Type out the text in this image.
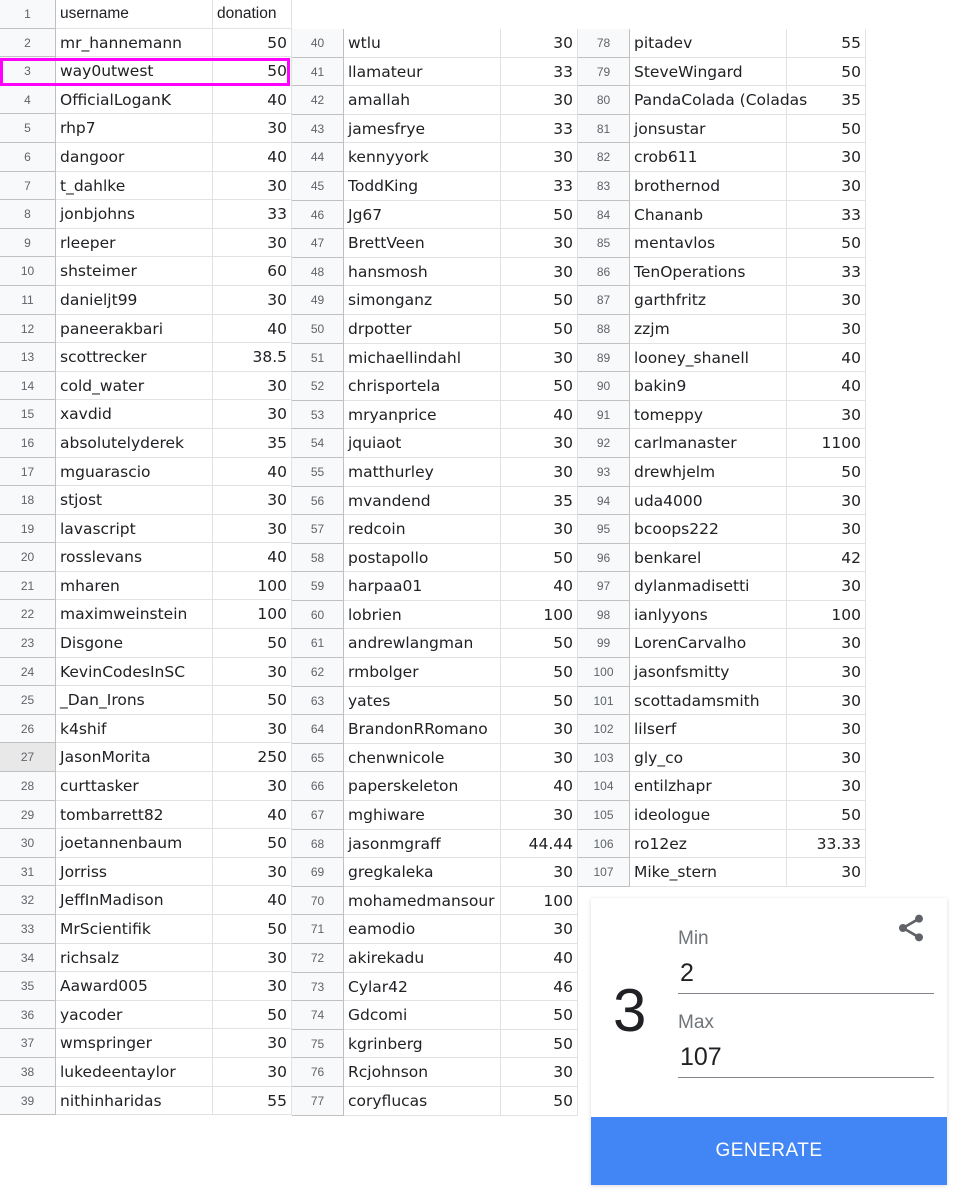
1	username	donation
2	mr_hannemann	50
3	way0utwest	50
4	OfficialLoganK	40
5	rhp7	30
6	dangoor	40
7	t_dahlke	30
8	jonbjohns	33
9	rleeper	30
10	shsteimer	60
11	danieljt99	30
12	paneerakbari	40
13	scottrecker	38.5
14	cold_water	30
15	xavdid	30
16	absolutelyderek	35
17	mguarascio	40
18	stjost	30
19	lavascript	30
20	rosslevans	40
21	mharen	100
22	maximweinstein	100
23	Disgone	50
24	KevinCodesInSC	30
25	_Dan_Irons	50
26	k4shif	30
27	JasonMorita	250
28	curttasker	30
29	tombarrett82	40
30	joetannenbaum	50
31	Jorriss	30
32	JeffInMadison	40
33	MrScientifik	50
34	richsalz	30
35	Aaward005	30
36	yacoder	50
37	wmspringer	30
38	lukedeentaylor	30
39	nithinharidas	55
40	wtlu	30
41	llamateur	33
42	amallah	30
43	jamesfrye	33
44	kennyyork	30
45	ToddKing	33
46	Jg67	50
47	BrettVeen	30
48	hansmosh	30
49	simonganz	50
50	drpotter	50
51	michaellindahl	30
52	chrisportela	50
53	mryanprice	40
54	jquiaot	30
55	matthurley	30
56	mvandend	35
57	redcoin	30
58	postapollo	50
59	harpaa01	40
60	lobrien	100
61	andrewlangman	50
62	rmbolger	50
63	yates	50
64	BrandonRRomano	30
65	chenwnicole	30
66	paperskeleton	40
67	mghiware	30
68	jasonmgraff	44.44
69	gregkaleka	30
70	mohamedmansour	100
71	eamodio	30
72	akirekadu	40
73	Cylar42	46
74	Gdcomi	50
75	kgrinberg	50
76	Rcjohnson	30
77	coryflucas	50
78	pitadev	55
79	SteveWingard	50
80	PandaColada (Coladas	35
81	jonsustar	50
82	crob611	30
83	brothernod	30
84	Chananb	33
85	mentavlos	50
86	TenOperations	33
87	garthfritz	30
88	zzjm	30
89	looney_shanell	40
90	bakin9	40
91	tomeppy	30
92	carlmanaster	1100
93	drewhjelm	50
94	uda4000	30
95	bcoops222	30
96	benkarel	42
97	dylanmadisetti	30
98	ianlyyons	100
99	LorenCarvalho	30
100	jasonfsmitty	30
101	scottadamsmith	30
102	lilserf	30
103	gly_co	30
104	entilzhapr	30
105	ideologue	50
106	ro12ez	33.33
107	Mike_stern	30
3
Min
2
Max
107
GENERATE
